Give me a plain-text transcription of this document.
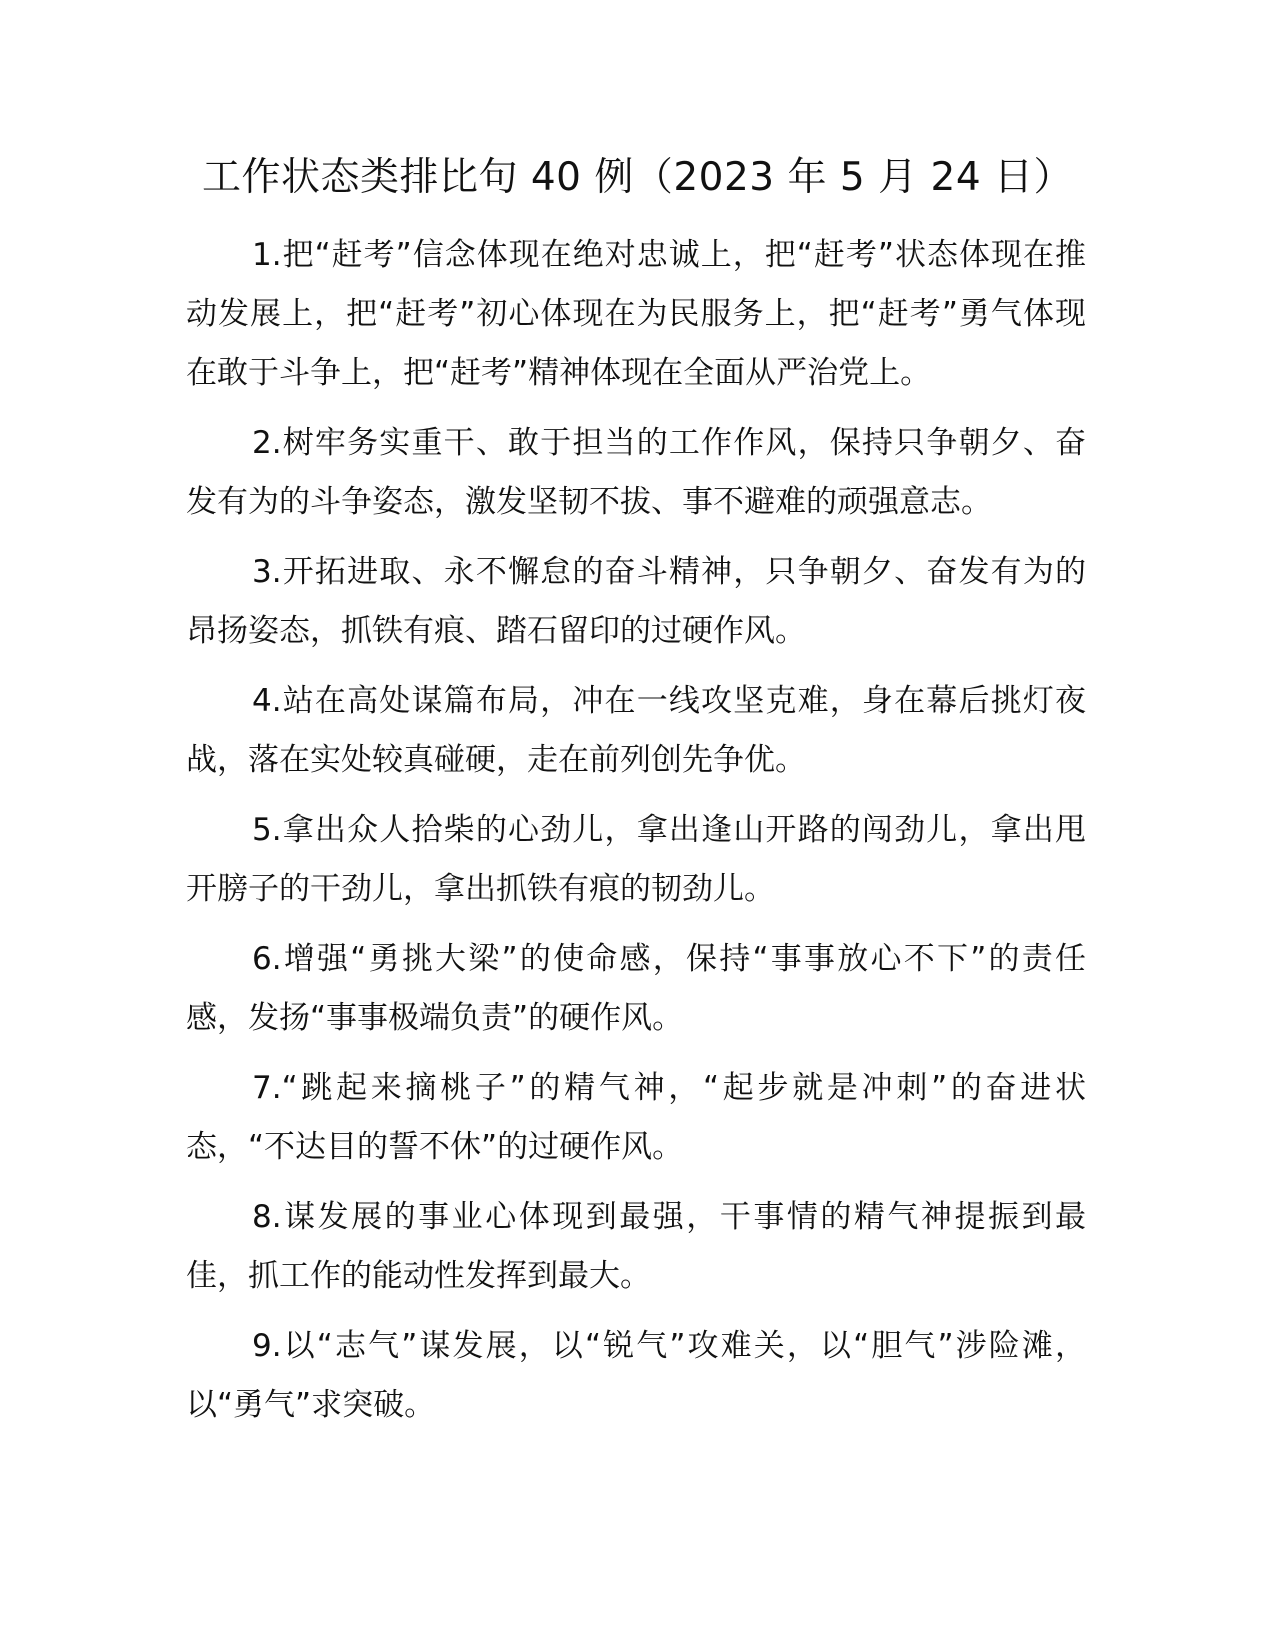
工作状态类排比句 40 例（2023 年 5 月 24 日）

1.把“赶考”信念体现在绝对忠诚上，把“赶考”状态体现在推动发展上，把“赶考”初心体现在为民服务上，把“赶考”勇气体现在敢于斗争上，把“赶考”精神体现在全面从严治党上。

2.树牢务实重干、敢于担当的工作作风，保持只争朝夕、奋发有为的斗争姿态，激发坚韧不拔、事不避难的顽强意志。

3.开拓进取、永不懈怠的奋斗精神，只争朝夕、奋发有为的昂扬姿态，抓铁有痕、踏石留印的过硬作风。

4.站在高处谋篇布局，冲在一线攻坚克难，身在幕后挑灯夜战，落在实处较真碰硬，走在前列创先争优。

5.拿出众人拾柴的心劲儿，拿出逢山开路的闯劲儿，拿出甩开膀子的干劲儿，拿出抓铁有痕的韧劲儿。

6.增强“勇挑大梁”的使命感，保持“事事放心不下”的责任感，发扬“事事极端负责”的硬作风。

7.“跳起来摘桃子”的精气神，“起步就是冲刺”的奋进状态，“不达目的誓不休”的过硬作风。

8.谋发展的事业心体现到最强，干事情的精气神提振到最佳，抓工作的能动性发挥到最大。

9.以“志气”谋发展，以“锐气”攻难关，以“胆气”涉险滩，以“勇气”求突破。
